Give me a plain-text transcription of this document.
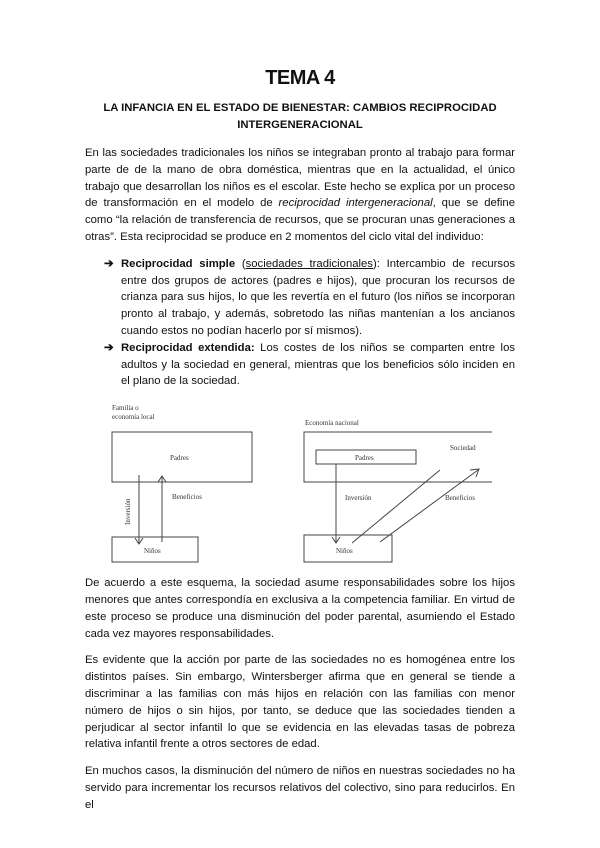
TEMA 4
LA INFANCIA EN EL ESTADO DE BIENESTAR: CAMBIOS RECIPROCIDAD INTERGENERACIONAL
En las sociedades tradicionales los niños se integraban pronto al trabajo para formar parte de de la mano de obra doméstica, mientras que en la actualidad, el único trabajo que desarrollan los niños es el escolar. Este hecho se explica por un proceso de transformación en el modelo de reciprocidad intergeneracional, que se define como “la relación de transferencia de recursos, que se procuran unas generaciones a otras”. Esta reciprocidad se produce en 2 momentos del ciclo vital del individuo:
➔ Reciprocidad simple (sociedades tradicionales): Intercambio de recursos entre dos grupos de actores (padres e hijos), que procuran los recursos de crianza para sus hijos, lo que les revertía en el futuro (los niños se incorporan pronto al trabajo, y además, sobretodo las niñas mantenían a los ancianos cuando estos no podían hacerlo por sí mismos).
➔ Reciprocidad extendida: Los costes de los niños se comparten entre los adultos y la sociedad en general, mientras que los beneficios sólo inciden en el plano de la sociedad.
Familia o
economía local
Padres
Niños
Beneficios
Inversión
Economía nacional
Padres
Sociedad
Niños
Inversión	Beneficios
De acuerdo a este esquema, la sociedad asume responsabilidades sobre los hijos menores que antes correspondía en exclusiva a la competencia familiar. En virtud de este proceso se produce una disminución del poder parental, asumiendo el Estado cada vez mayores responsabilidades.
Es evidente que la acción por parte de las sociedades no es homogénea entre los distintos países. Sin embargo, Wintersberger afirma que en general se tiende a discriminar a las familias con más hijos en relación con las familias con menor número de hijos o sin hijos, por tanto, se deduce que las sociedades tienden a perjudicar al sector infantil lo que se evidencia en las elevadas tasas de pobreza relativa infantil frente a otros sectores de edad.
En muchos casos, la disminución del número de niños en nuestras sociedades no ha servido para incrementar los recursos relativos del colectivo, sino para reducirlos. En el
